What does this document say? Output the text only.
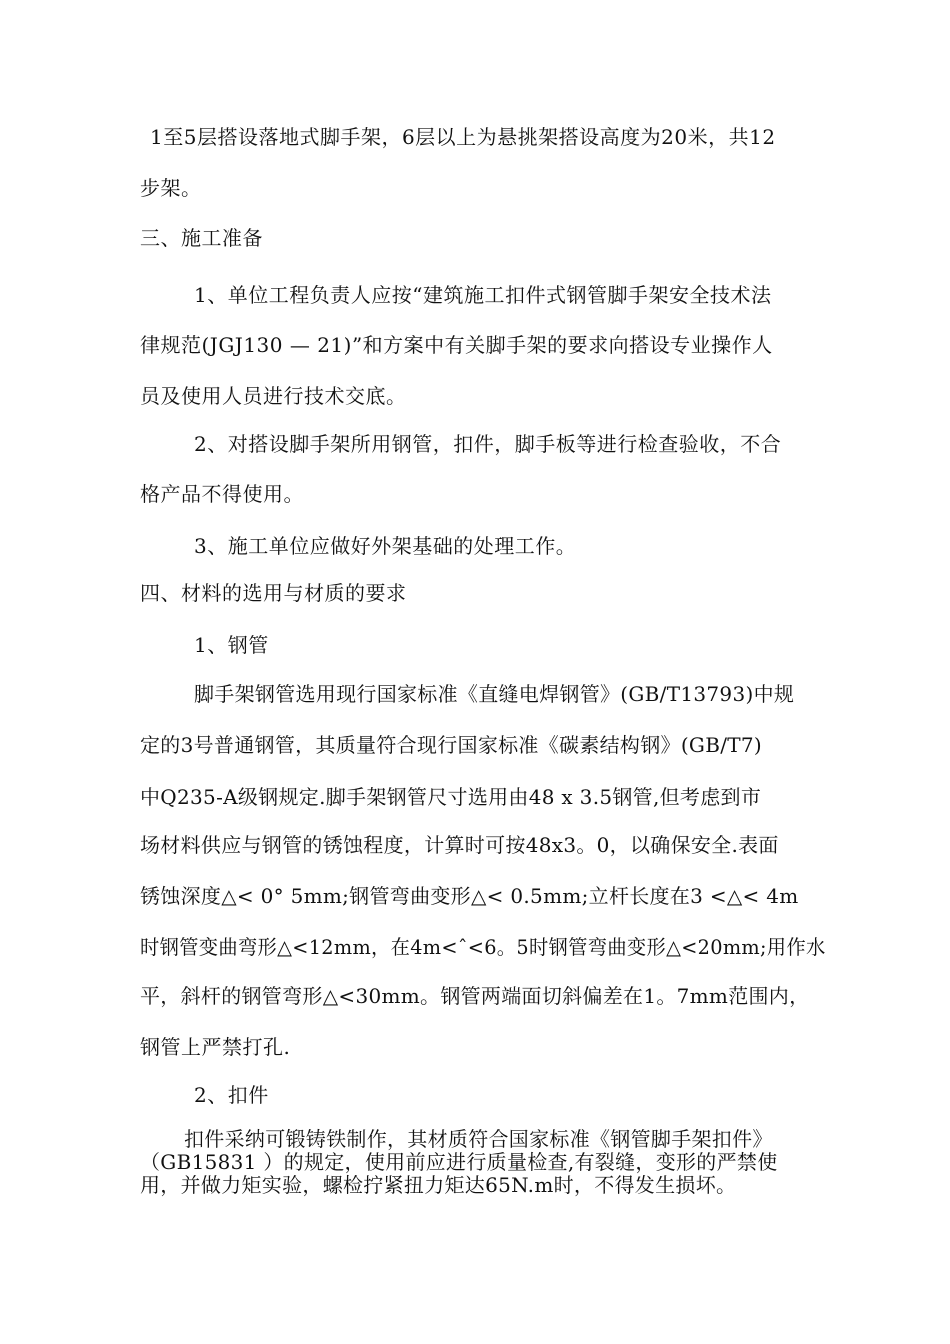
1至5层搭设落地式脚手架，6层以上为悬挑架搭设高度为20米，共12
步架。
三、施工准备
1、单位工程负责人应按“建筑施工扣件式钢管脚手架安全技术法
律规范(JGJ130 — 21)”和方案中有关脚手架的要求向搭设专业操作人
员及使用人员进行技术交底。
2、对搭设脚手架所用钢管，扣件，脚手板等进行检查验收，不合
格产品不得使用。
3、施工单位应做好外架基础的处理工作。
四、材料的选用与材质的要求
1、钢管
脚手架钢管选用现行国家标准《直缝电焊钢管》(GB/T13793)中规
定的3号普通钢管，其质量符合现行国家标准《碳素结构钢》(GB/T7)
中Q235-A级钢规定.脚手架钢管尺寸选用由48 x 3.5钢管,但考虑到市
场材料供应与钢管的锈蚀程度，计算时可按48x3。0，以确保安全.表面
锈蚀深度△< 0° 5mm;钢管弯曲变形△< 0.5mm;立杆长度在3 <△< 4m
时钢管变曲弯形△<12mm，在4m<ˆ<6。5时钢管弯曲变形△<20mm;用作水
平，斜杆的钢管弯形△<30mm。钢管两端面切斜偏差在1。7mm范围内，
钢管上严禁打孔.
2、扣件
扣件采纳可锻铸铁制作，其材质符合国家标准《钢管脚手架扣件》
（GB15831 ）的规定，使用前应进行质量检查,有裂缝，变形的严禁使
用，并做力矩实验，螺检拧紧扭力矩达65N.m时，不得发生损坏。
